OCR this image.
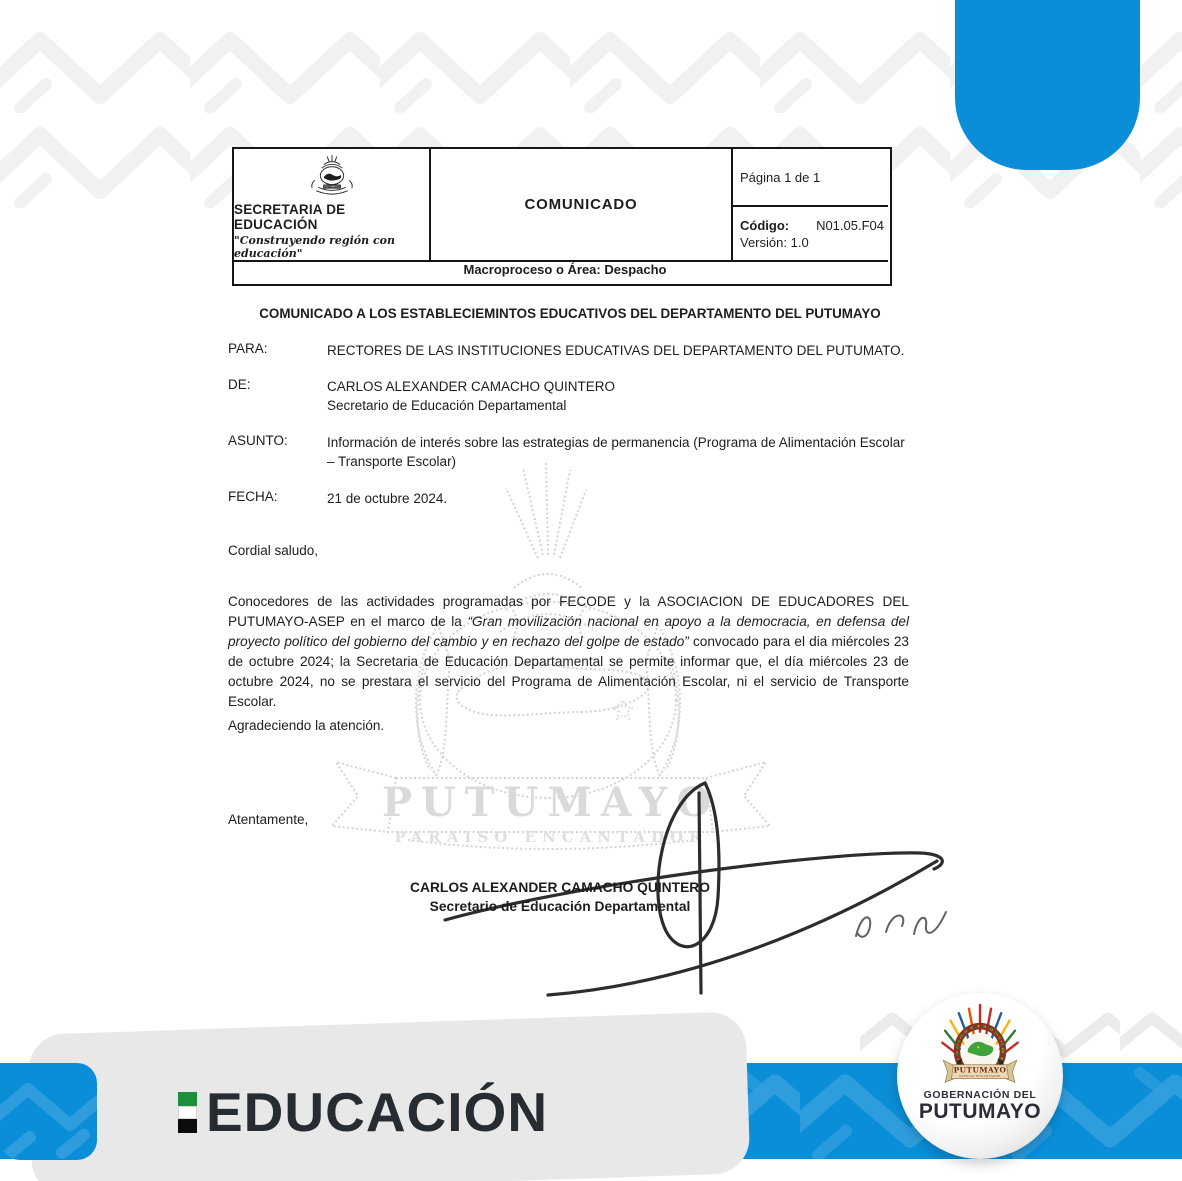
PUTUMAYO
PARAISO ENCANTADOR
PUTUMAYO
SECRETARIA DE EDUCACIÓN
"Construyendo región con educación"
COMUNICADO
Página 1 de 1
Código: N01.05.F04
Versión: 1.0
Macroproceso o Área: Despacho
COMUNICADO A LOS ESTABLECIEMINTOS EDUCATIVOS DEL DEPARTAMENTO DEL PUTUMAYO
PARA:	RECTORES DE LAS INSTITUCIONES EDUCATIVAS DEL DEPARTAMENTO DEL PUTUMATO.
DE:	CARLOS ALEXANDER CAMACHO QUINTERO
Secretario de Educación Departamental
ASUNTO:	Información de interés sobre las estrategias de permanencia (Programa de Alimentación Escolar – Transporte Escolar)
FECHA:	21 de octubre 2024.
Cordial saludo,
Conocedores de las actividades programadas por FECODE y la ASOCIACION DE EDUCADORES DEL PUTUMAYO-ASEP en el marco de la “Gran movilización nacional en apoyo a la democracia, en defensa del proyecto político del gobierno del cambio y en rechazo del golpe de estado” convocado para el dia miércoles 23 de octubre 2024; la Secretaria de Educación Departamental se permite informar que, el día miércoles 23 de octubre 2024, no se prestara el servicio del Programa de Alimentación Escolar, ni el servicio de Transporte Escolar.
Agradeciendo la atención.
Atentamente,
CARLOS ALEXANDER CAMACHO QUINTERO
Secretario de Educación Departamental
EDUCACIÓN
PUTUMAYO
PARAISO ENCANTADOR
GOBERNACIÓN DEL
PUTUMAYO
